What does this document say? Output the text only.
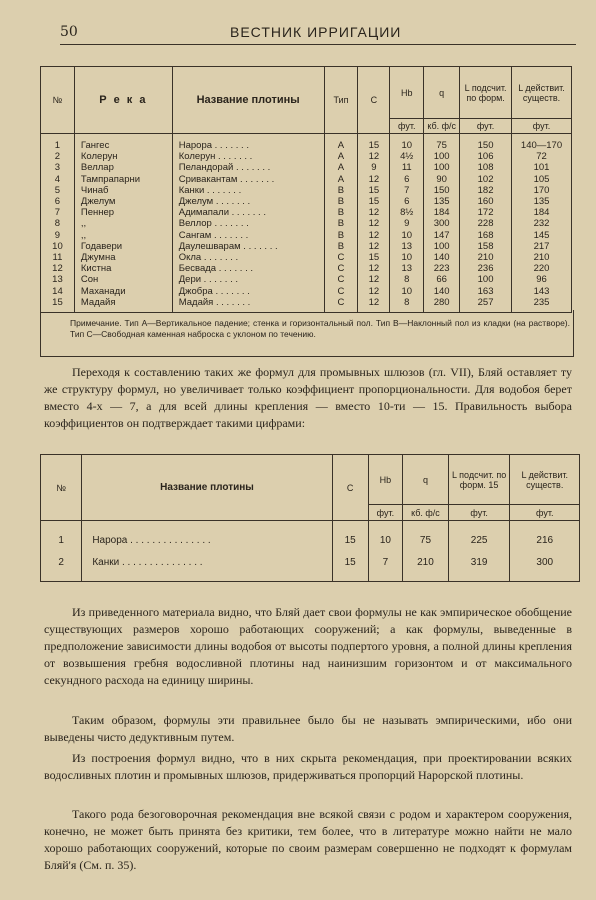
50	ВЕСТНИК ИРРИГАЦИИ
№	Р е к а	Название плотины	Тип	C	Hb	q	L подсчит. по форм.	L действит. существ.
					фут.	кб. ф/с	фут.	фут.
1	Гангес	Нарора . . . . . . .	A	15	10	75	150	140—170
2	Колерун	Колерун . . . . . . .	A	12	4½	100	106	72
3	Веллар	Пеландорай . . . . . . .	A	9	11	100	108	101
4	Тампрапарни	Сривакантам . . . . . . .	A	12	6	90	102	105
5	Чинаб	Канки . . . . . . .	B	15	7	150	182	170
6	Джелум	Джелум . . . . . . .	B	15	6	135	160	135
7	Пеннер	Адимапали . . . . . . .	B	12	8½	184	172	184
8	,,	Веллор . . . . . . .	B	12	9	300	228	232
9	,,	Сангам . . . . . . .	B	12	10	147	168	145
10	Годавери	Даулешварам . . . . . . .	B	12	13	100	158	217
11	Джумна	Окла . . . . . . .	C	15	10	140	210	210
12	Кистна	Бесвада . . . . . . .	C	12	13	223	236	220
13	Сон	Дери . . . . . . .	C	12	8	66	100	96
14	Маханади	Джобра . . . . . . .	C	12	10	140	163	143
15	Мадайя	Мадайя . . . . . . .	C	12	8	280	257	235
Примечание. Тип А—Вертикальное падение; стенка и горизонтальный пол. Тип В—Наклонный пол из кладки (на растворе). Тип С—Свободная каменная наброска с уклоном по течению.
Переходя к составлению таких же формул для промывных шлюзов (гл. VII), Бляй оставляет ту же структуру формул, но увеличивает только коэффициент пропорциональности. Для водобоя берет вместо 4-х — 7, а для всей длины крепления — вместо 10-ти — 15. Правильность выбора коэффициентов он подтверждает такими цифрами:
№	Название плотины	C	Hb	q	L подсчит. по форм. 15	L действит. существ.
			фут.	кб. ф/с	фут.	фут.
1	Нарора . . . . . . . . . . . . . . .	15	10	75	225	216
2	Канки . . . . . . . . . . . . . . .	15	7	210	319	300
Из приведенного материала видно, что Бляй дает свои формулы не как эмпирическое обобщение существующих размеров хорошо работающих сооружений; а как формулы, выведенные в предположение зависимости длины водобоя от высоты подпертого уровня, а полной длины крепления от возвышения гребня водосливной плотины над наинизшим горизонтом и от максимального секундного расхода на единицу ширины.
Таким образом, формулы эти правильнее было бы не называть эмпирическими, ибо они выведены чисто дедуктивным путем.
Из построения формул видно, что в них скрыта рекомендация, при проектировании всяких водосливных плотин и промывных шлюзов, придерживаться пропорций Нарорской плотины.
Такого рода безоговорочная рекомендация вне всякой связи с родом и характером сооружения, конечно, не может быть принята без критики, тем более, что в литературе можно найти не мало хорошо работающих сооружений, которые по своим размерам совершенно не подходят к формулам Бляй'я (См. п. 35).
